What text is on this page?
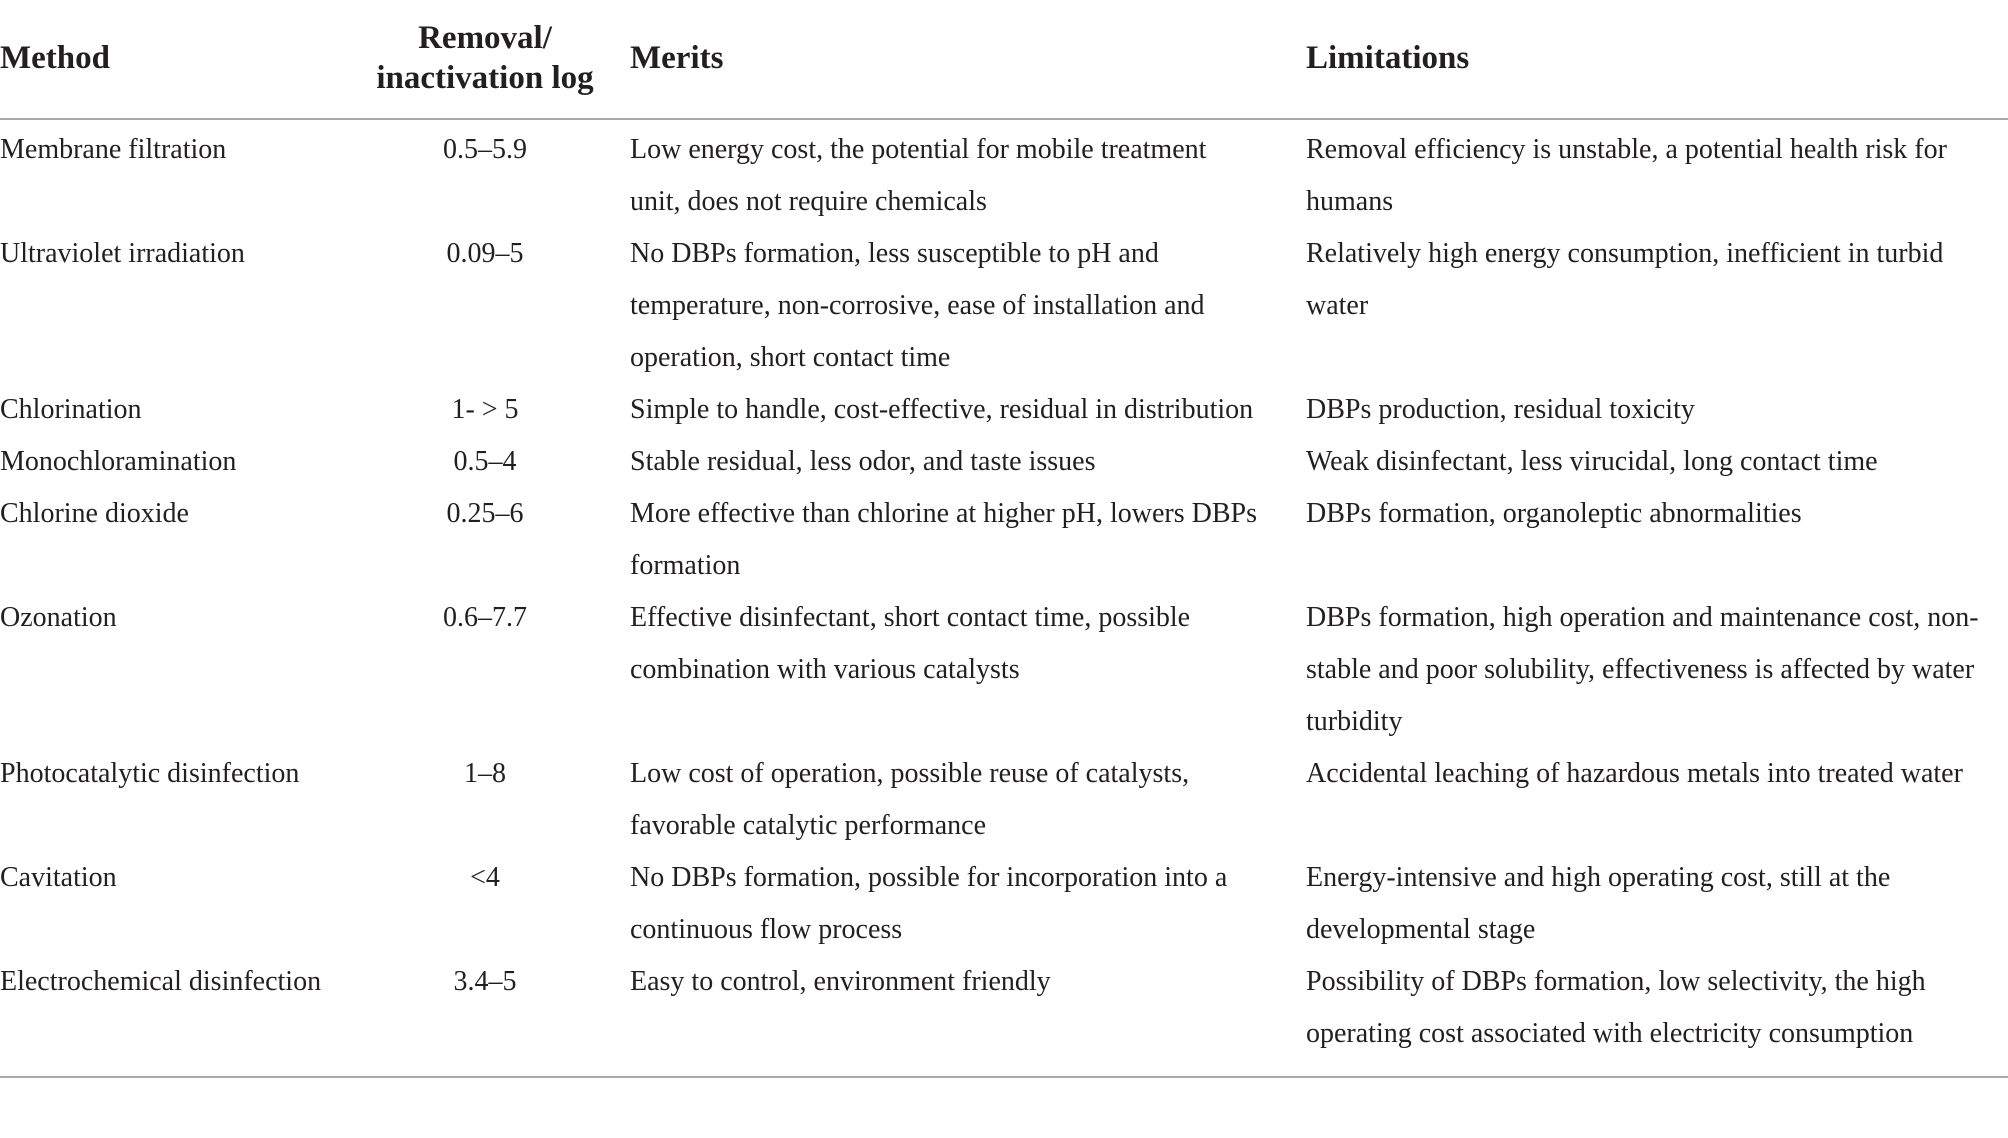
Method	Removal/ inactivation log	Merits	Limitations
Membrane filtration	0.5–5.9	Low energy cost, the potential for mobile treatment unit, does not require chemicals	Removal efficiency is unstable, a potential health risk for humans
Ultraviolet irradiation	0.09–5	No DBPs formation, less susceptible to pH and temperature, non-corrosive, ease of installation and operation, short contact time	Relatively high energy consumption, inefficient in turbid water
Chlorination	1- > 5	Simple to handle, cost-effective, residual in distribution	DBPs production, residual toxicity
Monochloramination	0.5–4	Stable residual, less odor, and taste issues	Weak disinfectant, less virucidal, long contact time
Chlorine dioxide	0.25–6	More effective than chlorine at higher pH, lowers DBPs formation	DBPs formation, organoleptic abnormalities
Ozonation	0.6–7.7	Effective disinfectant, short contact time, possible combination with various catalysts	DBPs formation, high operation and maintenance cost, non-stable and poor solubility, effectiveness is affected by water turbidity
Photocatalytic disinfection	1–8	Low cost of operation, possible reuse of catalysts, favorable catalytic performance	Accidental leaching of hazardous metals into treated water
Cavitation	<4	No DBPs formation, possible for incorporation into a continuous flow process	Energy-intensive and high operating cost, still at the developmental stage
Electrochemical disinfection	3.4–5	Easy to control, environment friendly	Possibility of DBPs formation, low selectivity, the high operating cost associated with electricity consumption
